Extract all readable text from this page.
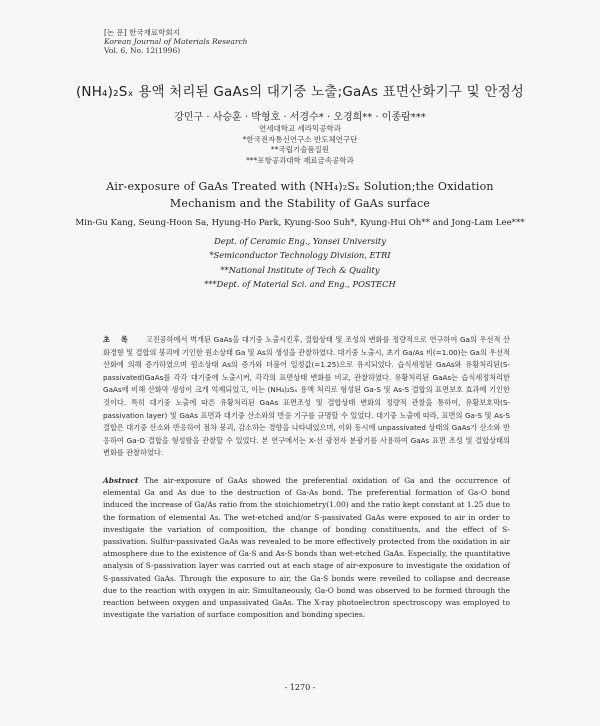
[논 문] 한국재료학회지
Korean Journal of Materials Research
Vol. 6, No. 12(1996)
(NH₄)₂Sₓ 용액 처리된 GaAs의 대기중 노출;GaAs 표면산화기구 및 안정성
강민구 · 사승훈 · 박형호 · 서경수* · 오경희** · 이종람***
연세대학교 세라믹공학과
*한국전자통신연구소 반도체연구단
**국립기술품질원
***포항공과대학 재료금속공학과
Air-exposure of GaAs Treated with (NH₄)₂Sₓ Solution;the Oxidation
Mechanism and the Stability of GaAs surface
Min-Gu Kang, Seung-Hoon Sa, Hyung-Ho Park, Kyung-Soo Suh*, Kyung-Hui Oh** and Jong-Lam Lee***
Dept. of Ceramic Eng., Yonsei University
*Semiconductor Technology Division, ETRI
**National Institute of Tech & Quality
***Dept. of Material Sci. and Eng., POSTECH
초 록 고진공하에서 벽개된 GaAs을 대기중 노출시킨후, 결합상태 및 조성의 변화를 정량적으로 연구하여 Ga의 우선적 산화경향 및 결합의 붕괴에 기인한 원소상태 Ga 및 As의 생성을 관찰하였다. 대기중 노출시, 초기 Ga/As 비(=1.00)는 Ga의 우선적 산화에 의해 증가하였으며 원소상태 As의 증가와 더불어 일정값(=1.25)으로 유지되었다. 습식세정된 GaAs와 유황처리된(S-passivated)GaAs를 각각 대기중에 노출시켜, 각각의 표면상태 변화를 비교, 관찰하였다. 유황처리된 GaAs는 습식세정처리한 GaAs에 비해 산화막 생성이 크게 억제되었고, 이는 (NH₄)₂Sₓ 용액 처리로 형성된 Ga-S 및 As-S 결합의 표면보호 효과에 기인한 것이다. 특히 대기중 노출에 따른 유황처리된 GaAs 표면조성 및 결합상태 변화의 정량적 관찰을 통하여, 유황보호막(S-passivation layer) 및 GaAs 표면과 대기중 산소와의 반응 기구를 규명할 수 있었다. 대기중 노출에 따라, 표면의 Ga-S 및 As-S 결합은 대기중 산소와 반응하여 점차 붕괴, 감소하는 경향을 나타내었으며, 이와 동시에 unpassivated 상태의 GaAs가 산소와 반응하여 Ga-O 결합을 형성함을 관찰할 수 있었다. 본 연구에서는 X-선 광전자 분광기를 사용하여 GaAs 표면 조성 및 결합상태의 변화를 관찰하였다.
Abstract The air-exposure of GaAs showed the preferential oxidation of Ga and the occurrence of elemental Ga and As due to the destruction of Ga-As bond. The preferential formation of Ga-O bond induced the increase of Ga/As ratio from the stoichiometry(1.00) and the ratio kept constant at 1.25 due to the formation of elemental As. The wet-etched and/or S-passivated GaAs were exposed to air in order to investigate the variation of composition, the change of bonding constituents, and the effect of S-passivation. Sulfur-passivated GaAs was revealed to be more effectively protected from the oxidation in air atmosphere due to the existence of Ga-S and As-S bonds than wet-etched GaAs. Especially, the quantitative analysis of S-passivation layer was carried out at each stage of air-exposure to investigate the oxidation of S-passivated GaAs. Through the exposure to air, the Ga-S bonds were reveiled to collapse and decrease due to the reaction with oxygen in air. Simultaneously, Ga-O bond was observed to be formed through the reaction between oxygen and unpassivated GaAs. The X-ray photoelectron spectroscopy was employed to investigate the variation of surface composition and bonding species.
- 1270 -
